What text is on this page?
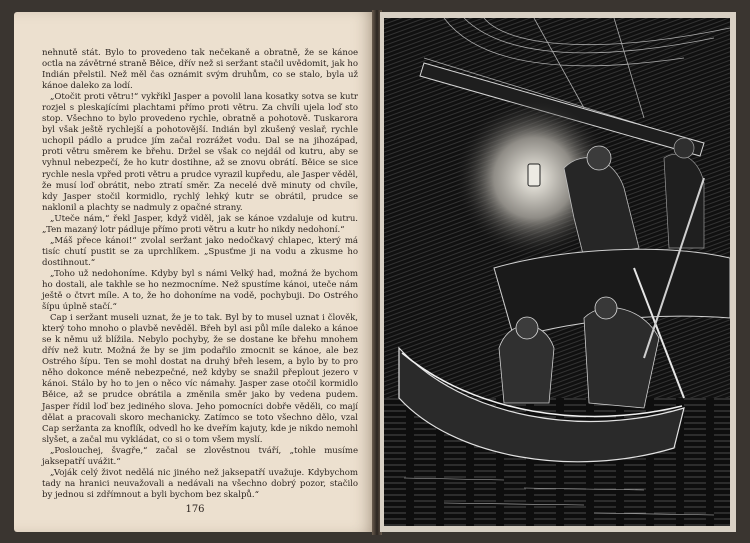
nehnutě stát. Bylo to provedeno tak nečekaně a obratně, že se kánoe octla na závětrné straně Běice, dřív než si seržant stačil uvědomit, jak ho Indián přelstil. Než měl čas oznámit svým druhům, co se stalo, byla už kánoe daleko za lodí.

„Otočit proti větru!“ vykřikl Jasper a povolil lana kosatky sotva se kutr rozjel s pleskajícími plachtami přímo proti větru. Za chvíli ujela loď sto stop. Všechno to bylo provedeno rychle, obratně a pohotově. Tuskarora byl však ještě rychlejší a pohotovější. Indián byl zkušený veslař, rychle uchopil pádlo a prudce jím začal rozrážet vodu. Dal se na jihozápad, proti větru směrem ke břehu. Držel se však co nejdál od kutru, aby se vyhnul nebezpečí, že ho kutr dostihne, až se znovu obrátí. Běice se sice rychle nesla vpřed proti větru a prudce vyrazil kupředu, ale Jasper věděl, že musí loď obrátit, nebo ztratí směr. Za necelé dvě minuty od chvíle, kdy Jasper stočil kormidlo, rychlý lehký kutr se obrátil, prudce se naklonil a plachty se nadmuly z opačné strany.

„Uteče nám,“ řekl Jasper, když viděl, jak se kánoe vzdaluje od kutru. „Ten mazaný lotr pádluje přímo proti větru a kutr ho nikdy nedohoní.“

„Máš přece kánoi!“ zvolal seržant jako nedočkavý chlapec, který má tisíc chutí pustit se za uprchlíkem. „Spusťme ji na vodu a zkusme ho dostihnout.“

„Toho už nedohoníme. Kdyby byl s námi Velký had, možná že bychom ho dostali, ale takhle se ho nezmocníme. Než spustíme kánoi, uteče nám ještě o čtvrt míle. A to, že ho dohoníme na vodě, pochybuji. Do Ostrého šípu úplně stačí.“

Cap i seržant museli uznat, že je to tak. Byl by to musel uznat i člověk, který toho mnoho o plavbě nevěděl. Břeh byl asi půl míle daleko a kánoe se k němu už blížila. Nebylo pochyby, že se dostane ke břehu mnohem dřív než kutr. Možná že by se jim podařilo zmocnit se kánoe, ale bez Ostrého šípu. Ten se mohl dostat na druhý břeh lesem, a bylo by to pro něho dokonce méně nebezpečné, než kdyby se snažil přeplout jezero v kánoi. Stálo by ho to jen o něco víc námahy. Jasper zase otočil kormidlo Běice, až se prudce obrátila a změnila směr jako by vedena pudem. Jasper řídil loď bez jediného slova. Jeho pomocníci dobře věděli, co mají dělat a pracovali skoro mechanicky. Zatímco se toto všechno dělo, vzal Cap seržanta za knoflík, odvedl ho ke dveřím kajuty, kde je nikdo nemohl slyšet, a začal mu vykládat, co si o tom všem myslí.

„Poslouchej, švagře,“ začal se zlověstnou tváří, „tohle musíme jaksepatří uvážit.“

„Voják celý život nedělá nic jiného než jaksepatří uvažuje. Kdybychom tady na hranici neuvažovali a nedávali na všechno dobrý pozor, stačilo by jednou si zdřímnout a byli bychom bez skalpů.“

176
